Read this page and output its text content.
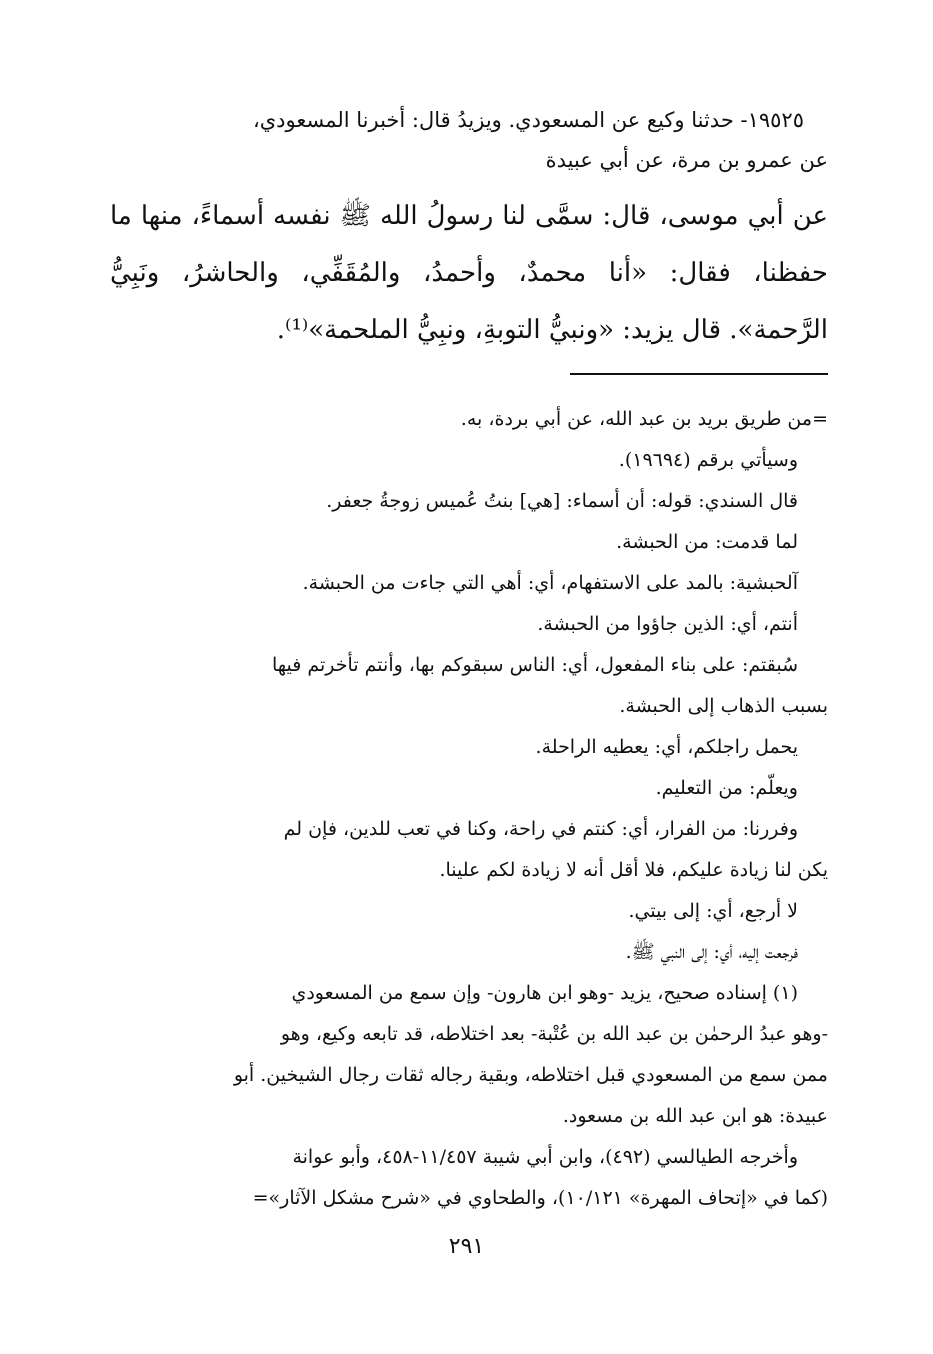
١٩٥٢٥- حدثنا وكيع عن المسعودي. ويزيدُ قال: أخبرنا المسعودي،

عن عمرو بن مرة، عن أبي عبيدة

عن أبي موسى، قال: سمَّى لنا رسولُ الله ﷺ نفسه أسماءً، منها ما حفظنا، فقال: «أنا محمدٌ، وأحمدُ، والمُقَفِّي، والحاشرُ، ونَبِيُّ الرَّحمة». قال يزيد: «ونبيُّ التوبةِ، ونبِيُّ الملحمة»⁽¹⁾.

=من طريق بريد بن عبد الله، عن أبي بردة، به.

وسيأتي برقم (١٩٦٩٤).

قال السندي: قوله: أن أسماء: [هي] بنتُ عُميس زوجةُ جعفر.

لما قدمت: من الحبشة.

آلحبشية: بالمد على الاستفهام، أي: أهي التي جاءت من الحبشة.

أنتم، أي: الذين جاؤوا من الحبشة.

سُبقتم: على بناء المفعول، أي: الناس سبقوكم بها، وأنتم تأخرتم فيها

بسبب الذهاب إلى الحبشة.

يحمل راجلكم، أي: يعطيه الراحلة.

ويعلّم: من التعليم.

وفررنا: من الفرار، أي: كنتم في راحة، وكنا في تعب للدين، فإن لم

يكن لنا زيادة عليكم، فلا أقل أنه لا زيادة لكم علينا.

لا أرجع، أي: إلى بيتي.

فرجعت إليه، أي: إلى النبي ﷺ.

(١) إسناده صحيح، يزيد -وهو ابن هارون- وإن سمع من المسعودي

-وهو عبدُ الرحمٰن بن عبد الله بن عُتْبة- بعد اختلاطه، قد تابعه وكيع، وهو

ممن سمع من المسعودي قبل اختلاطه، وبقية رجاله ثقات رجال الشيخين. أبو

عبيدة: هو ابن عبد الله بن مسعود.

وأخرجه الطيالسي (٤٩٢)، وابن أبي شيبة ١١/٤٥٧-٤٥٨، وأبو عوانة

(كما في «إتحاف المهرة» ١٠/١٢١)، والطحاوي في «شرح مشكل الآثار»=

٢٩١
